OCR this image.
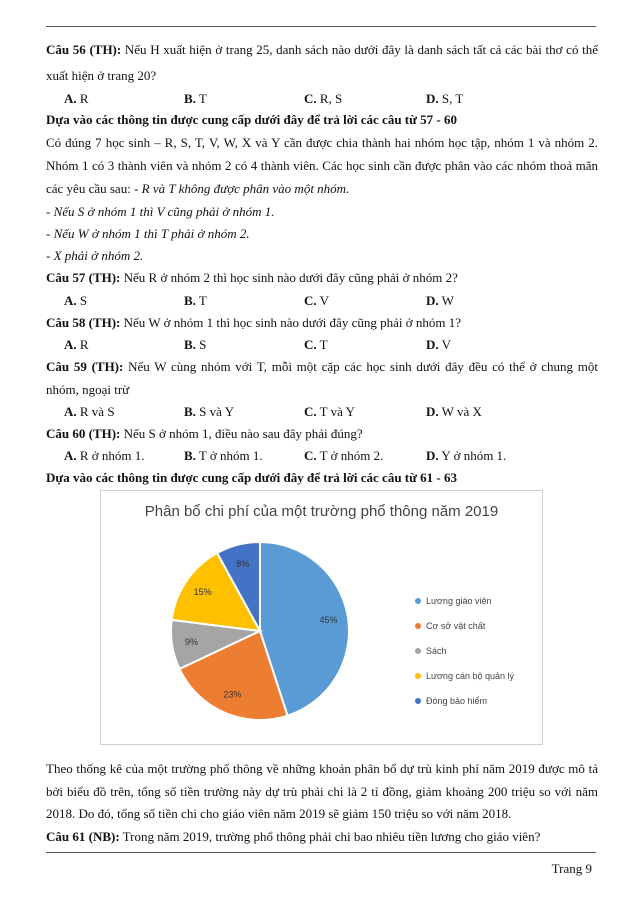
Câu 56 (TH): Nếu H xuất hiện ở trang 25, danh sách nào dưới đây là danh sách tất cả các bài thơ có thể
xuất hiện ở trang 20?
A. R	B. T	C. R, S	D. S, T
Dựa vào các thông tin được cung cấp dưới đây để trả lời các câu từ 57 - 60
Có đúng 7 học sinh – R, S, T, V, W, X và Y cần được chia thành hai nhóm học tập, nhóm 1 và nhóm 2.
Nhóm 1 có 3 thành viên và nhóm 2 có 4 thành viên. Các học sinh cần được phân vào các nhóm thoả mãn
các yêu cầu sau: - R và T không được phân vào một nhóm.
- Nếu S ở nhóm 1 thì V cũng phải ở nhóm 1.
- Nếu W ở nhóm 1 thì T phải ở nhóm 2.
- X phải ở nhóm 2.
Câu 57 (TH): Nếu R ở nhóm 2 thì học sinh nào dưới đây cũng phải ở nhóm 2?
A. S	B. T	C. V	D. W
Câu 58 (TH): Nếu W ở nhóm 1 thì học sinh nào dưới đây cũng phải ở nhóm 1?
A. R	B. S	C. T	D. V
Câu 59 (TH): Nếu W cùng nhóm với T, mỗi một cặp các học sinh dưới đây đều có thể ở chung một
nhóm, ngoại trừ
A. R và S	B. S và Y	C. T và Y	D. W và X
Câu 60 (TH): Nếu S ở nhóm 1, điều nào sau đây phải đúng?
A. R ở nhóm 1.	B. T ở nhóm 1.	C. T ở nhóm 2.	D. Y ở nhóm 1.
Dựa vào các thông tin được cung cấp dưới đây để trả lời các câu từ 61 - 63
Phân bổ chi phí của một trường phổ thông năm 2019
45%
23%
9%
15%
8%
Lương giáo viên
Cơ sở vật chất
Sách
Lương cán bộ quản lý
Đóng bảo hiểm
Theo thống kê của một trường phổ thông về những khoản phân bổ dự trù kinh phí năm 2019 được mô tả
bởi biểu đồ trên, tổng số tiền trường này dự trù phải chi là 2 tỉ đồng, giảm khoảng 200 triệu so với năm
2018. Do đó, tổng số tiền chi cho giáo viên năm 2019 sẽ giảm 150 triệu so với năm 2018.
Câu 61 (NB): Trong năm 2019, trường phổ thông phải chi bao nhiêu tiền lương cho giáo viên?
Trang 9
